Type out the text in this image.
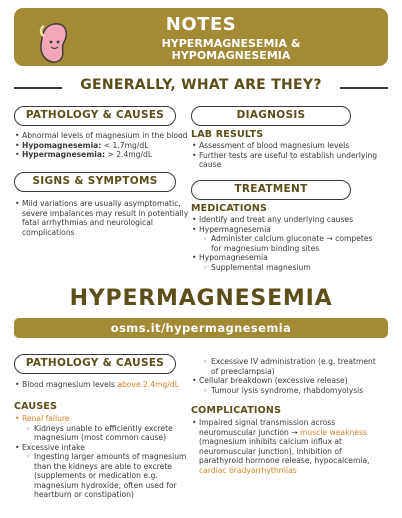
NOTES
HYPERMAGNESEMIA &
HYPOMAGNESEMIA
GENERALLY, WHAT ARE THEY?
PATHOLOGY & CAUSES
• Abnormal levels of magnesium in the blood
• Hypomagnesemia: < 1.7mg/dL
• Hypermagnesemia: > 2.4mg/dL
SIGNS & SYMPTOMS
• Mild variations are usually asymptomatic, severe imbalances may result in potentially fatal arrhythmias and neurological complications
DIAGNOSIS
LAB RESULTS
• Assessment of blood magnesium levels
• Further tests are useful to establish underlying cause
TREATMENT
MEDICATIONS
• Identify and treat any underlying causes
• Hypermagnesemia
◦ Administer calcium gluconate → competes for magnesium binding sites
• Hypomagnesemia
◦ Supplemental magnesium
HYPERMAGNESEMIA
osms.it/hypermagnesemia
PATHOLOGY & CAUSES
• Blood magnesium levels above 2.4mg/dL
CAUSES
• Renal failure
◦ Kidneys unable to efficiently excrete magnesium (most common cause)
• Excessive intake
◦ Ingesting larger amounts of magnesium than the kidneys are able to excrete (supplements or medication e.g. magnesium hydroxide, often used for heartburn or constipation)
◦ Excessive IV administration (e.g. treatment of preeclampsia)
• Cellular breakdown (excessive release)
◦ Tumour lysis syndrome, rhabdomyolysis
COMPLICATIONS
• Impaired signal transmission across neuromuscular junction → muscle weakness (magnesium inhibits calcium influx at neuromuscular junction), inhibition of parathyroid hormone release, hypocalcemia, cardiac bradyarrhythmias
